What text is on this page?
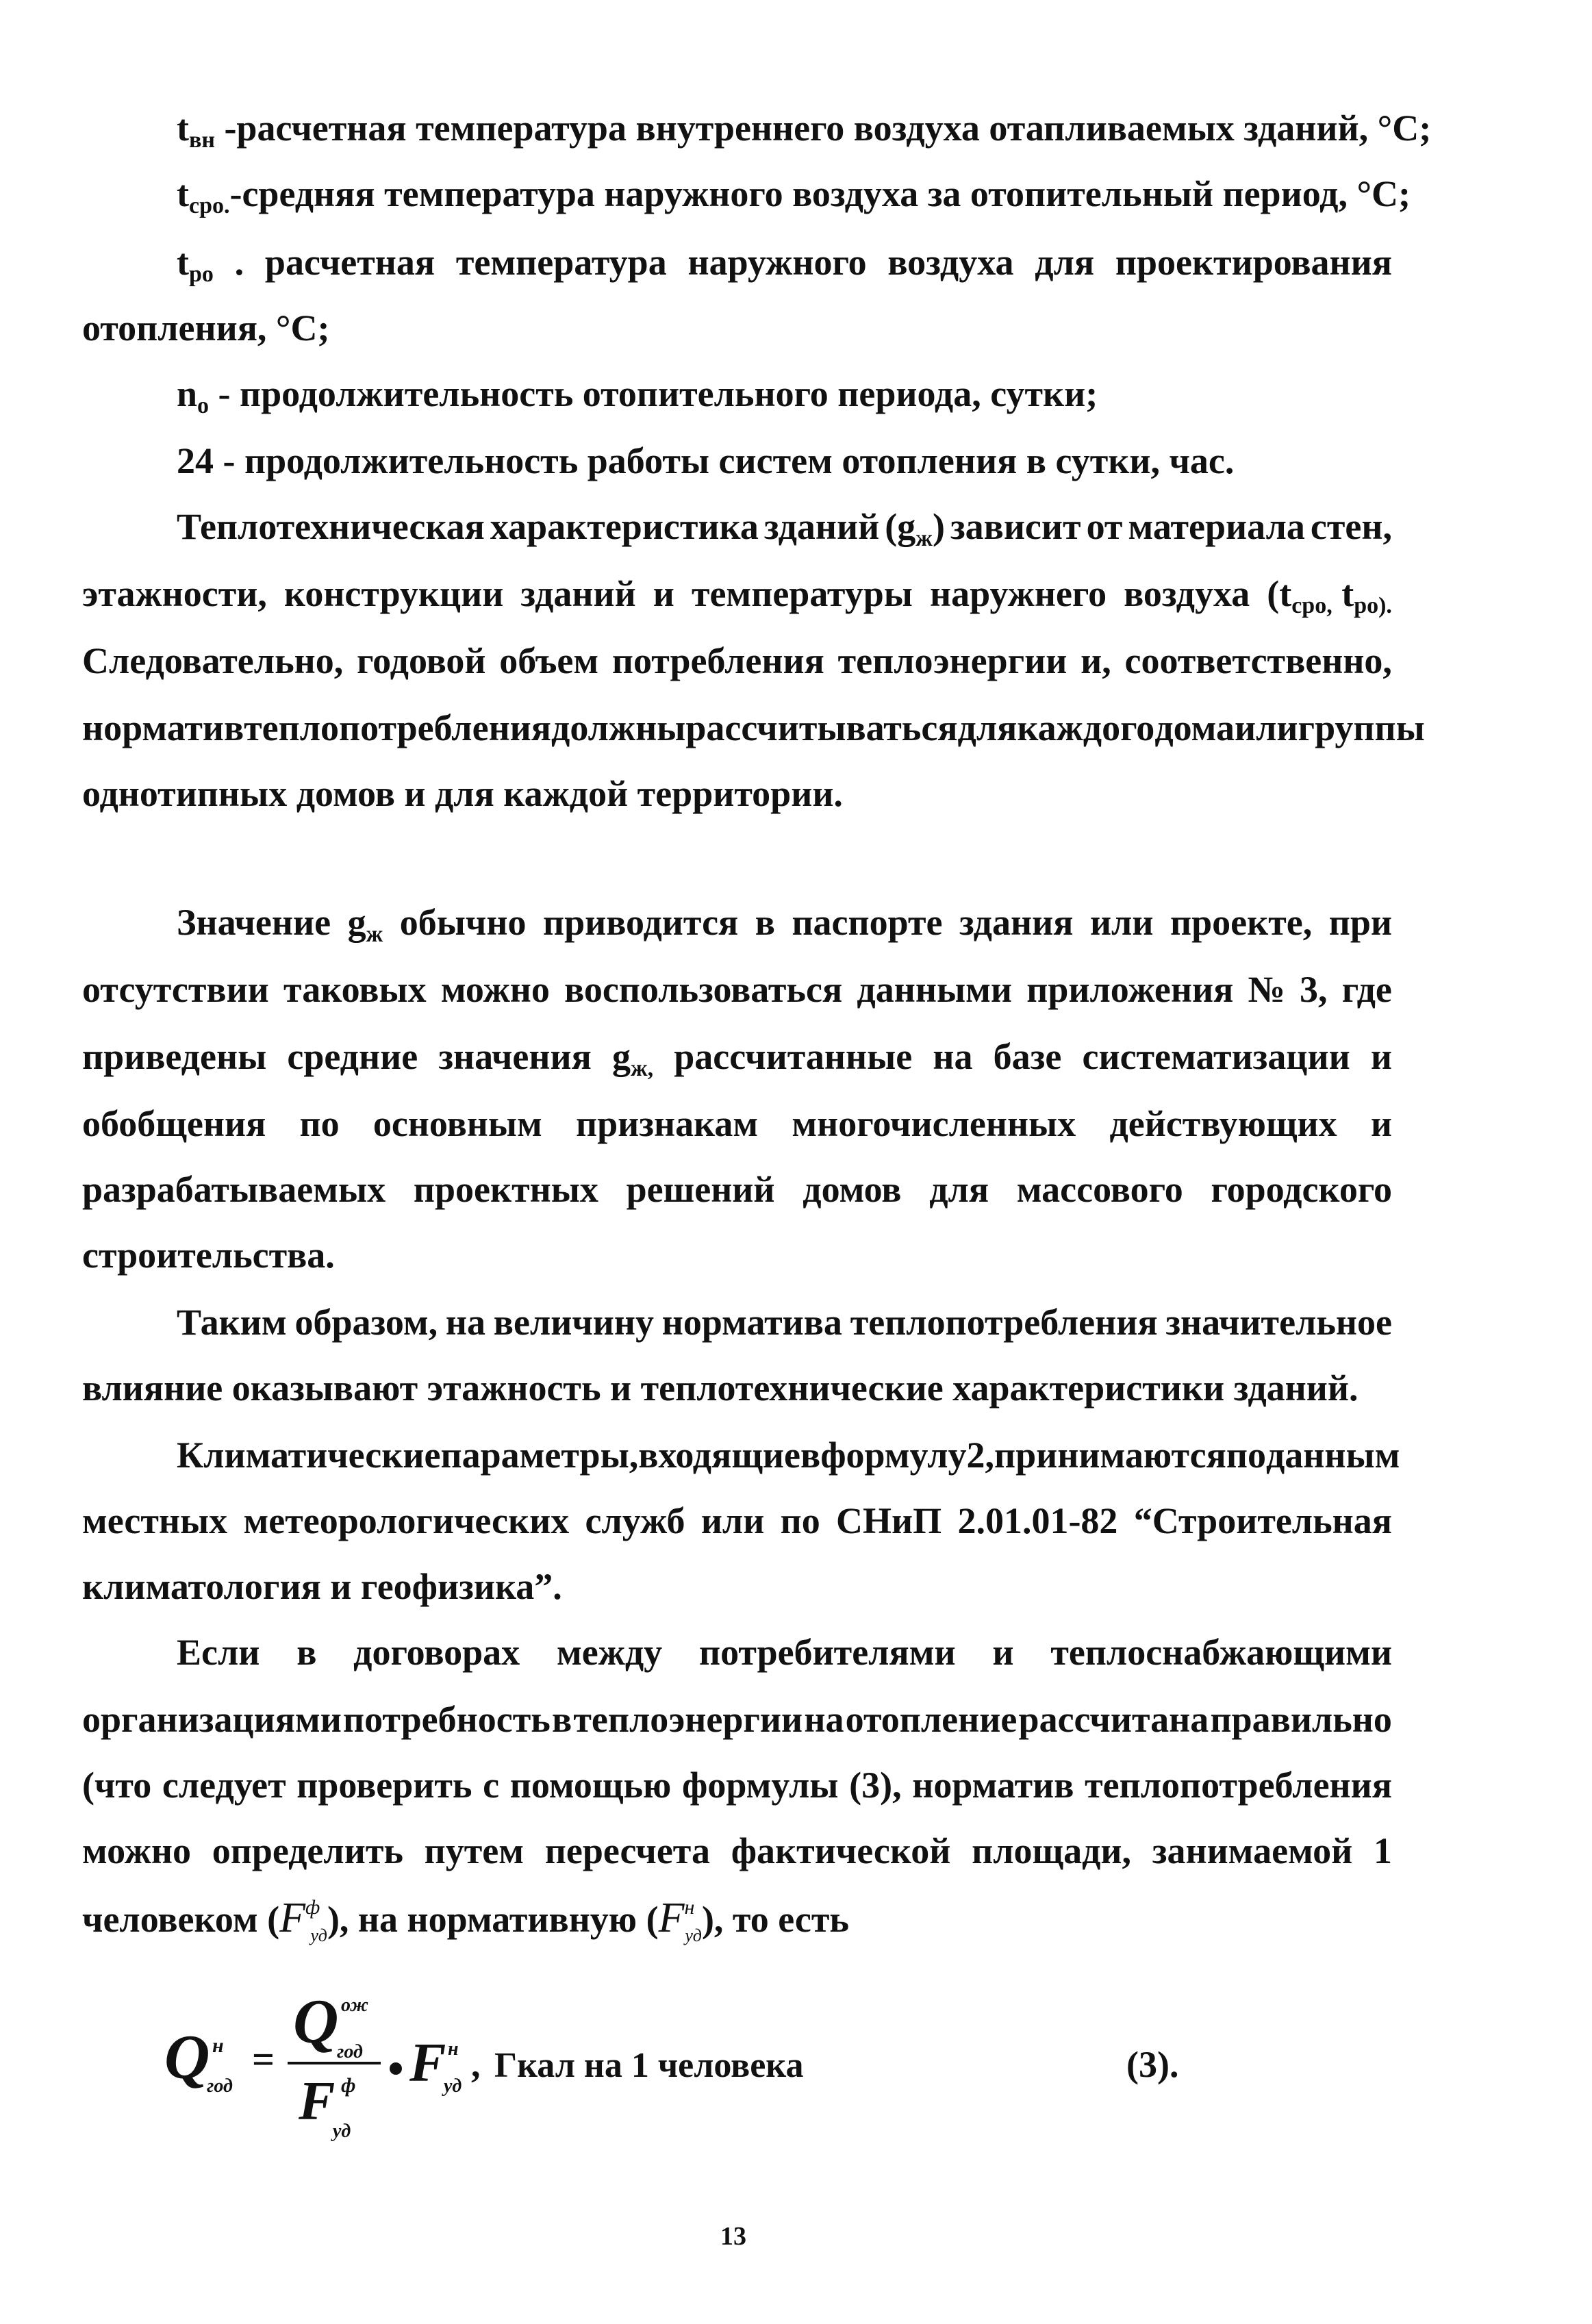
$t_{вн}$ -расчетная температура внутреннего воздуха отапливаемых зданий, °С;
$t_{cpo.}$-средняя температура наружного воздуха за отопительный период, °С;
$t_{po}$ . расчетная температура наружного воздуха для проектирования
отопления, °С;
$n_o$ - продолжительность отопительного периода, сутки;
24 - продолжительность работы систем отопления в сутки, час.
Теплотехническая характеристика зданий $(g_ж)$ зависит от материала стен,
этажности, конструкции зданий и температуры наружнего воздуха ($t_{cpo,}$ $t_{po).}$
Следовательно, годовой объем потребления теплоэнергии и, соответственно,
норматив теплопотребления должны рассчитываться для каждого дома или группы
однотипных домов и для каждой территории.
Значение $g_ж$ обычно приводится в паспорте здания или проекте, при
отсутствии таковых можно воспользоваться данными приложения № 3, где
приведены средние значения $g_{ж,}$ рассчитанные на базе систематизации и
обобщения по основным признакам многочисленных действующих и
разрабатываемых проектных решений домов для массового городского
строительства.
Таким образом, на величину норматива теплопотребления значительное
влияние оказывают этажность и теплотехнические характеристики зданий.
Климатические параметры, входящие в формулу 2, принимаются по данным
местных метеорологических служб или по СНиП 2.01.01-82 “Строительная
климатология и геофизика”.
Если в договорах между потребителями и теплоснабжающими
организациями потребность в теплоэнергии на отопление рассчитана правильно
(что следует проверить с помощью формулы (3), норматив теплопотребления
можно определить путем пересчета фактической площади, занимаемой 1
человеком $(F^ф_{уд})$, на нормативную $(F^н_{уд})$, то есть
Q н
год
=
Q ож
год
F ф
уд
F н
уд
, Гкал на 1 человека	(3).
13
